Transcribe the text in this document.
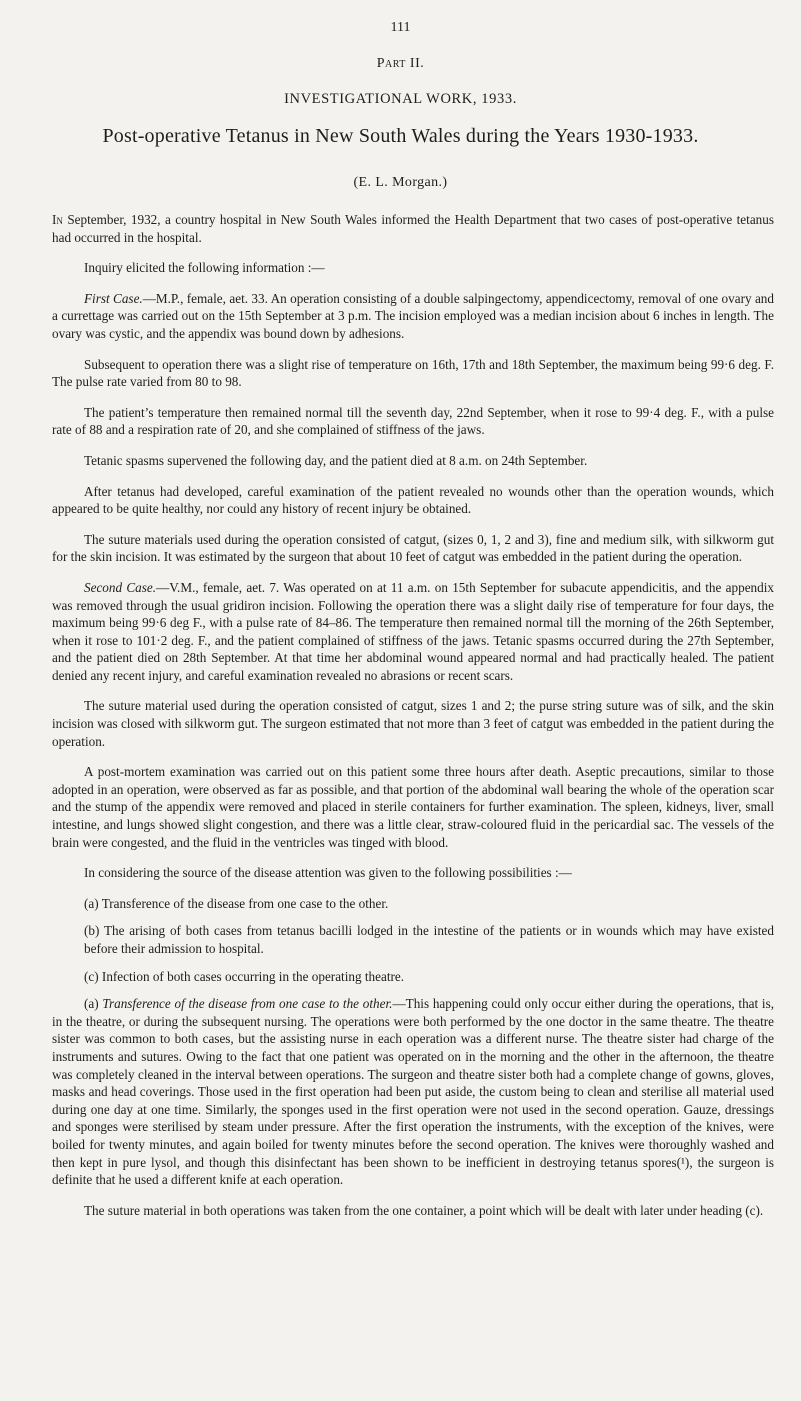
111
Part II.
INVESTIGATIONAL WORK, 1933.
Post-operative Tetanus in New South Wales during the Years 1930-1933.
(E. L. Morgan.)

In September, 1932, a country hospital in New South Wales informed the Health Department that two cases of post-operative tetanus had occurred in the hospital.

Inquiry elicited the following information :—

First Case.—M.P., female, aet. 33. An operation consisting of a double salpingectomy, appendicectomy, removal of one ovary and a currettage was carried out on the 15th September at 3 p.m. The incision employed was a median incision about 6 inches in length. The ovary was cystic, and the appendix was bound down by adhesions.

Subsequent to operation there was a slight rise of temperature on 16th, 17th and 18th September, the maximum being 99·6 deg. F. The pulse rate varied from 80 to 98.

The patient’s temperature then remained normal till the seventh day, 22nd September, when it rose to 99·4 deg. F., with a pulse rate of 88 and a respiration rate of 20, and she complained of stiffness of the jaws.

Tetanic spasms supervened the following day, and the patient died at 8 a.m. on 24th September.

After tetanus had developed, careful examination of the patient revealed no wounds other than the operation wounds, which appeared to be quite healthy, nor could any history of recent injury be obtained.

The suture materials used during the operation consisted of catgut, (sizes 0, 1, 2 and 3), fine and medium silk, with silkworm gut for the skin incision. It was estimated by the surgeon that about 10 feet of catgut was embedded in the patient during the operation.

Second Case.—V.M., female, aet. 7. Was operated on at 11 a.m. on 15th September for subacute appendicitis, and the appendix was removed through the usual gridiron incision. Following the operation there was a slight daily rise of temperature for four days, the maximum being 99·6 deg F., with a pulse rate of 84–86. The temperature then remained normal till the morning of the 26th September, when it rose to 101·2 deg. F., and the patient complained of stiffness of the jaws. Tetanic spasms occurred during the 27th September, and the patient died on 28th September. At that time her abdominal wound appeared normal and had practically healed. The patient denied any recent injury, and careful examination revealed no abrasions or recent scars.

The suture material used during the operation consisted of catgut, sizes 1 and 2; the purse string suture was of silk, and the skin incision was closed with silkworm gut. The surgeon estimated that not more than 3 feet of catgut was embedded in the patient during the operation.

A post-mortem examination was carried out on this patient some three hours after death. Aseptic precautions, similar to those adopted in an operation, were observed as far as possible, and that portion of the abdominal wall bearing the whole of the operation scar and the stump of the appendix were removed and placed in sterile containers for further examination. The spleen, kidneys, liver, small intestine, and lungs showed slight congestion, and there was a little clear, straw-coloured fluid in the pericardial sac. The vessels of the brain were congested, and the fluid in the ventricles was tinged with blood.

In considering the source of the disease attention was given to the following possibilities :—

(a) Transference of the disease from one case to the other.

(b) The arising of both cases from tetanus bacilli lodged in the intestine of the patients or in wounds which may have existed before their admission to hospital.

(c) Infection of both cases occurring in the operating theatre.

(a) Transference of the disease from one case to the other.—This happening could only occur either during the operations, that is, in the theatre, or during the subsequent nursing. The operations were both performed by the one doctor in the same theatre. The theatre sister was common to both cases, but the assisting nurse in each operation was a different nurse. The theatre sister had charge of the instruments and sutures. Owing to the fact that one patient was operated on in the morning and the other in the afternoon, the theatre was completely cleaned in the interval between operations. The surgeon and theatre sister both had a complete change of gowns, gloves, masks and head coverings. Those used in the first operation had been put aside, the custom being to clean and sterilise all material used during one day at one time. Similarly, the sponges used in the first operation were not used in the second operation. Gauze, dressings and sponges were sterilised by steam under pressure. After the first operation the instruments, with the exception of the knives, were boiled for twenty minutes, and again boiled for twenty minutes before the second operation. The knives were thoroughly washed and then kept in pure lysol, and though this disinfectant has been shown to be inefficient in destroying tetanus spores(¹), the surgeon is definite that he used a different knife at each operation.

The suture material in both operations was taken from the one container, a point which will be dealt with later under heading (c).
